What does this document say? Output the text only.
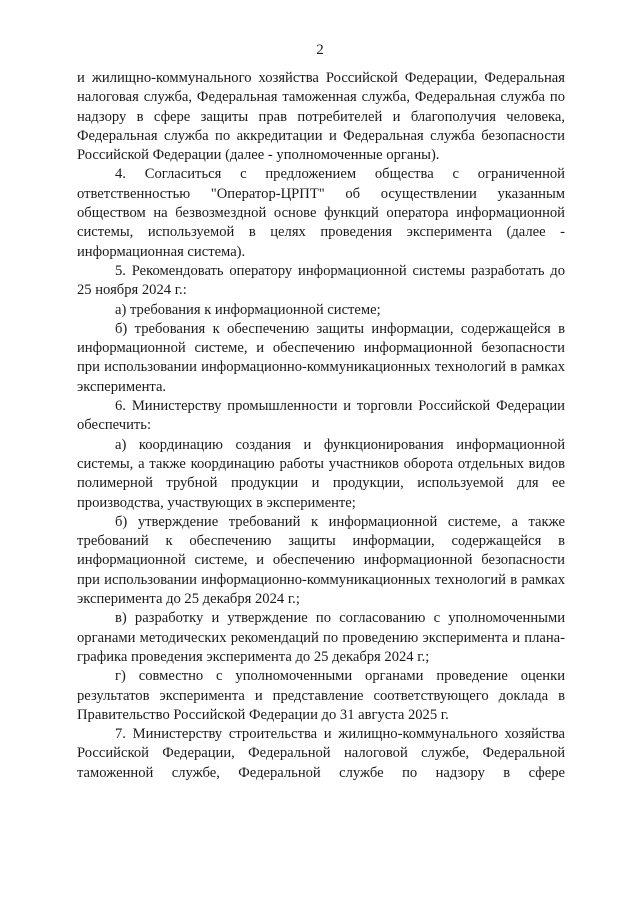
2

и жилищно-коммунального хозяйства Российской Федерации, Федеральная налоговая служба, Федеральная таможенная служба, Федеральная служба по надзору в сфере защиты прав потребителей и благополучия человека, Федеральная служба по аккредитации и Федеральная служба безопасности Российской Федерации (далее - уполномоченные органы).

4. Согласиться с предложением общества с ограниченной ответственностью "Оператор-ЦРПТ" об осуществлении указанным обществом на безвозмездной основе функций оператора информационной системы, используемой в целях проведения эксперимента (далее - информационная система).

5. Рекомендовать оператору информационной системы разработать до 25 ноября 2024 г.:

а) требования к информационной системе;

б) требования к обеспечению защиты информации, содержащейся в информационной системе, и обеспечению информационной безопасности при использовании информационно-коммуникационных технологий в рамках эксперимента.

6. Министерству промышленности и торговли Российской Федерации обеспечить:

а) координацию создания и функционирования информационной системы, а также координацию работы участников оборота отдельных видов полимерной трубной продукции и продукции, используемой для ее производства, участвующих в эксперименте;

б) утверждение требований к информационной системе, а также требований к обеспечению защиты информации, содержащейся в информационной системе, и обеспечению информационной безопасности при использовании информационно-коммуникационных технологий в рамках эксперимента до 25 декабря 2024 г.;

в) разработку и утверждение по согласованию с уполномоченными органами методических рекомендаций по проведению эксперимента и плана-графика проведения эксперимента до 25 декабря 2024 г.;

г) совместно с уполномоченными органами проведение оценки результатов эксперимента и представление соответствующего доклада в Правительство Российской Федерации до 31 августа 2025 г.

7. Министерству строительства и жилищно-коммунального хозяйства Российской Федерации, Федеральной налоговой службе, Федеральной таможенной службе, Федеральной службе по надзору в сфере
